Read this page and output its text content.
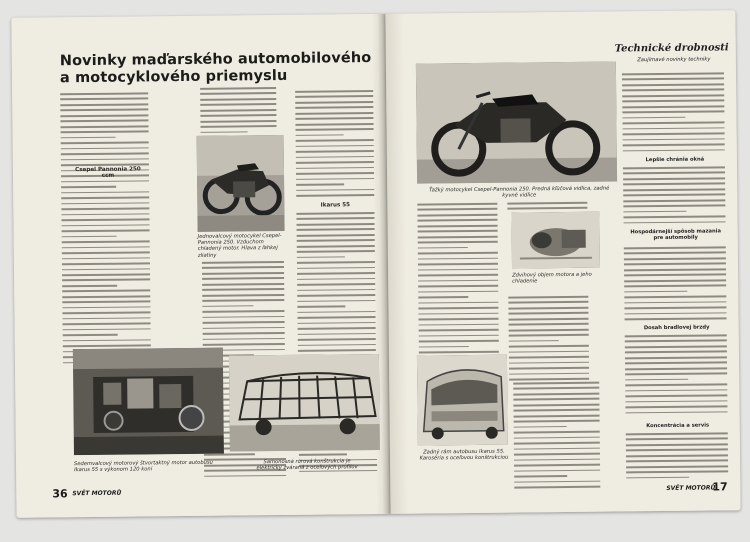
Novinky maďarského automobilového a motocyklového priemyslu
Csepel Pannonia 250 ccm
Jednovalcový motocykel Csepel-Pannonia 250. Vzduchom chladený motor. Hlava z ľahkej zliatiny
Ikarus 55
Sedemvalcový motorový štvortaktný motor autobusu Ikarus 55 s výkonom 120 koní
Samonosná rúrová konštrukcia je elektricky zváraná z oceľových profilov
36 SVĚT MOTORŮ
Ťažký motocykel Csepel-Pannonia 250. Predná kľúčová vidlica, zadné kyvné vidlice
Zdvihový objem motora a jeho chladenie
Zadný rám autobusu Ikarus 55. Karoséria s oceľovou konštrukciou
Technické drobnosti
Zaujímavé novinky techniky
Lepšie chránia okná
Hospodárnejší spôsob mazania pre automobily
Dosah bradlovej brzdy
Koncentrácia a servis
SVĚT MOTORŮ
17
